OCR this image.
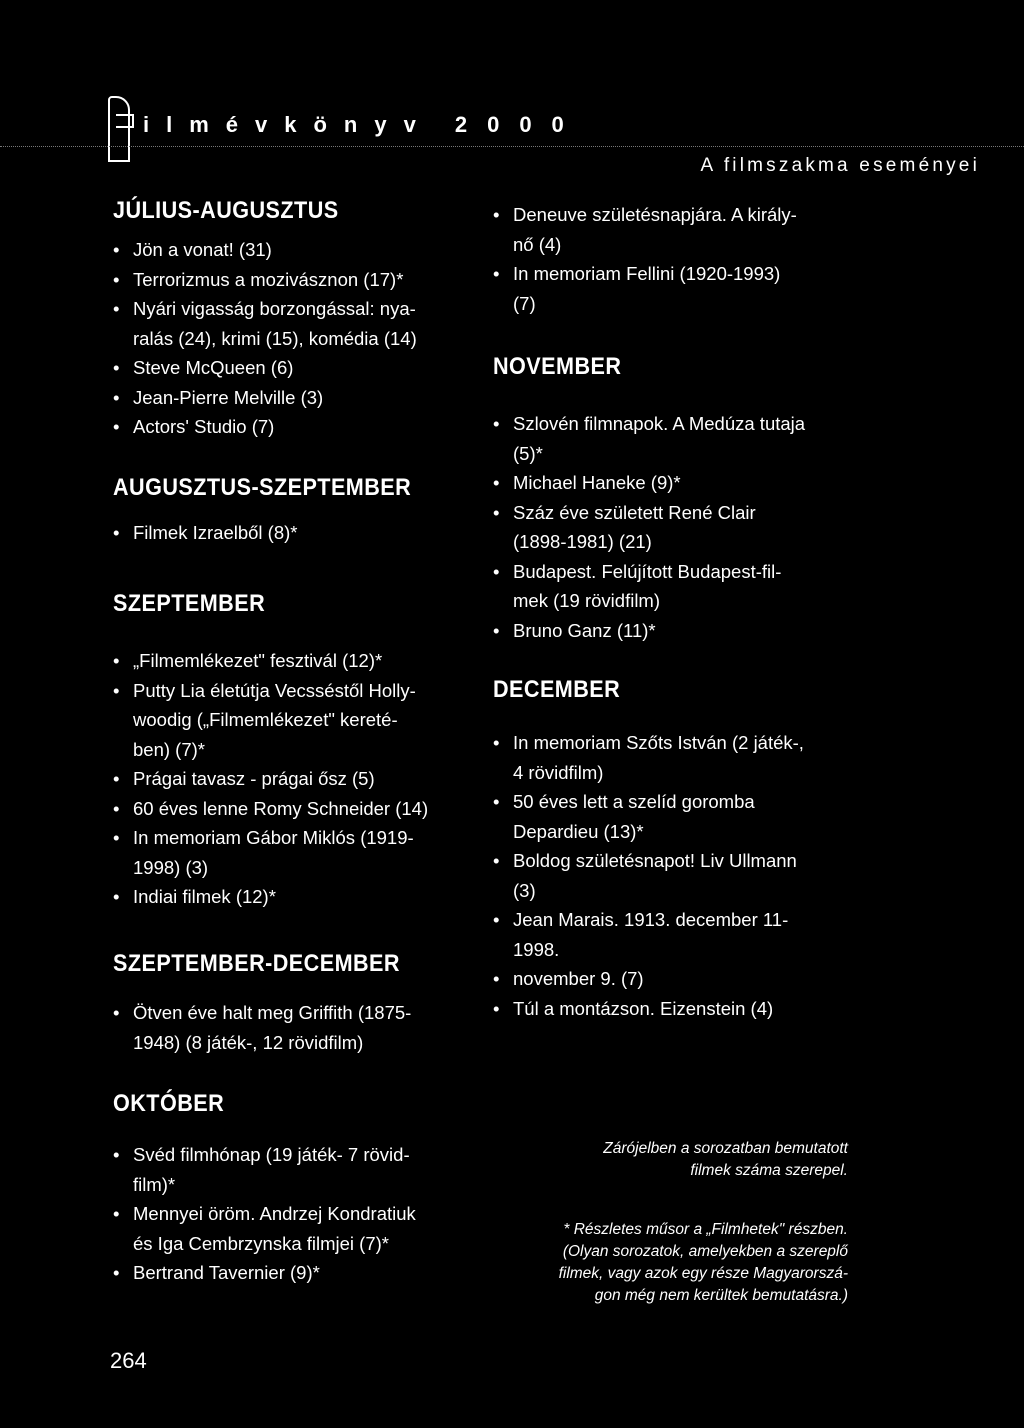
ilmévkönyv 2000
A filmszakma eseményei
JÚLIUS-AUGUSZTUS
• Jön a vonat! (31)
• Terrorizmus a mozivásznon (17)*
• Nyári vigasság borzongással: nya-
ralás (24), krimi (15), komédia (14)
• Steve McQueen (6)
• Jean-Pierre Melville (3)
• Actors' Studio (7)
AUGUSZTUS-SZEPTEMBER
• Filmek Izraelből (8)*
SZEPTEMBER
• „Filmemlékezet" fesztivál (12)*
• Putty Lia életútja Vecsséstől Holly-
woodig („Filmemlékezet" kereté-
ben) (7)*
• Prágai tavasz - prágai ősz (5)
• 60 éves lenne Romy Schneider (14)
• In memoriam Gábor Miklós (1919-
1998) (3)
• Indiai filmek (12)*
SZEPTEMBER-DECEMBER
• Ötven éve halt meg Griffith (1875-
1948) (8 játék-, 12 rövidfilm)
OKTÓBER
• Svéd filmhónap (19 játék- 7 rövid-
film)*
• Mennyei öröm. Andrzej Kondratiuk
és Iga Cembrzynska filmjei (7)*
• Bertrand Tavernier (9)*
• Deneuve születésnapjára. A király-
nő (4)
• In memoriam Fellini (1920-1993)
(7)
NOVEMBER
• Szlovén filmnapok. A Medúza tutaja
(5)*
• Michael Haneke (9)*
• Száz éve született René Clair
(1898-1981) (21)
• Budapest. Felújított Budapest-fil-
mek (19 rövidfilm)
• Bruno Ganz (11)*
DECEMBER
• In memoriam Szőts István (2 játék-,
4 rövidfilm)
• 50 éves lett a szelíd goromba
Depardieu (13)*
• Boldog születésnapot! Liv Ullmann
(3)
• Jean Marais. 1913. december 11-
1998.
• november 9. (7)
• Túl a montázson. Eizenstein (4)
Zárójelben a sorozatban bemutatott
filmek száma szerepel.
* Részletes műsor a „Filmhetek" részben.
(Olyan sorozatok, amelyekben a szereplő
filmek, vagy azok egy része Magyarorszá-
gon még nem kerültek bemutatásra.)
264
